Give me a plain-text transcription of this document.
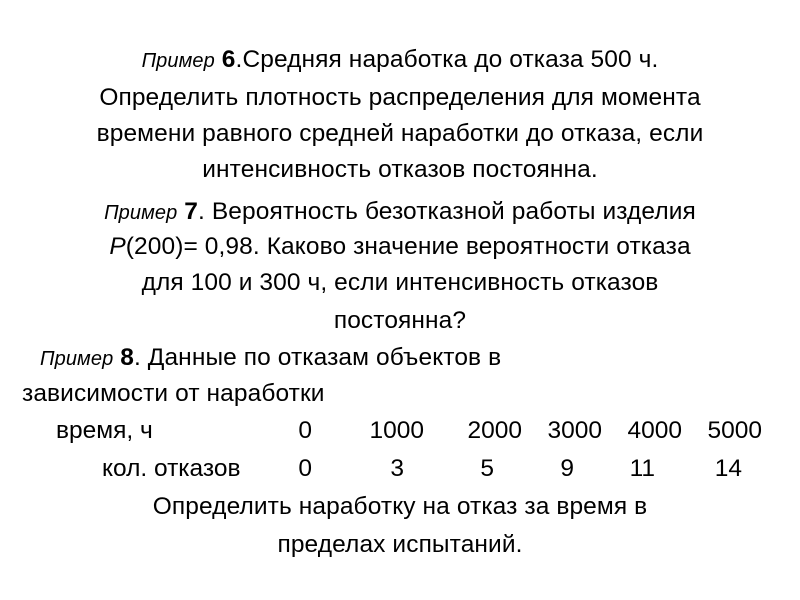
Пример 6.Средняя наработка до отказа 500 ч.
Определить плотность распределения для момента
времени равного средней наработки до отказа, если
интенсивность отказов постоянна.
Пример 7. Вероятность безотказной работы изделия
P(200)= 0,98. Каково значение вероятности отказа
для 100 и 300 ч, если интенсивность отказов
постоянна?
Пример 8. Данные по отказам объектов в
зависимости от наработки
время, ч	0	1000	2000	3000	4000	5000
кол. отказов	0	3	5	9	11	14
Определить наработку на отказ за время в
пределах испытаний.
